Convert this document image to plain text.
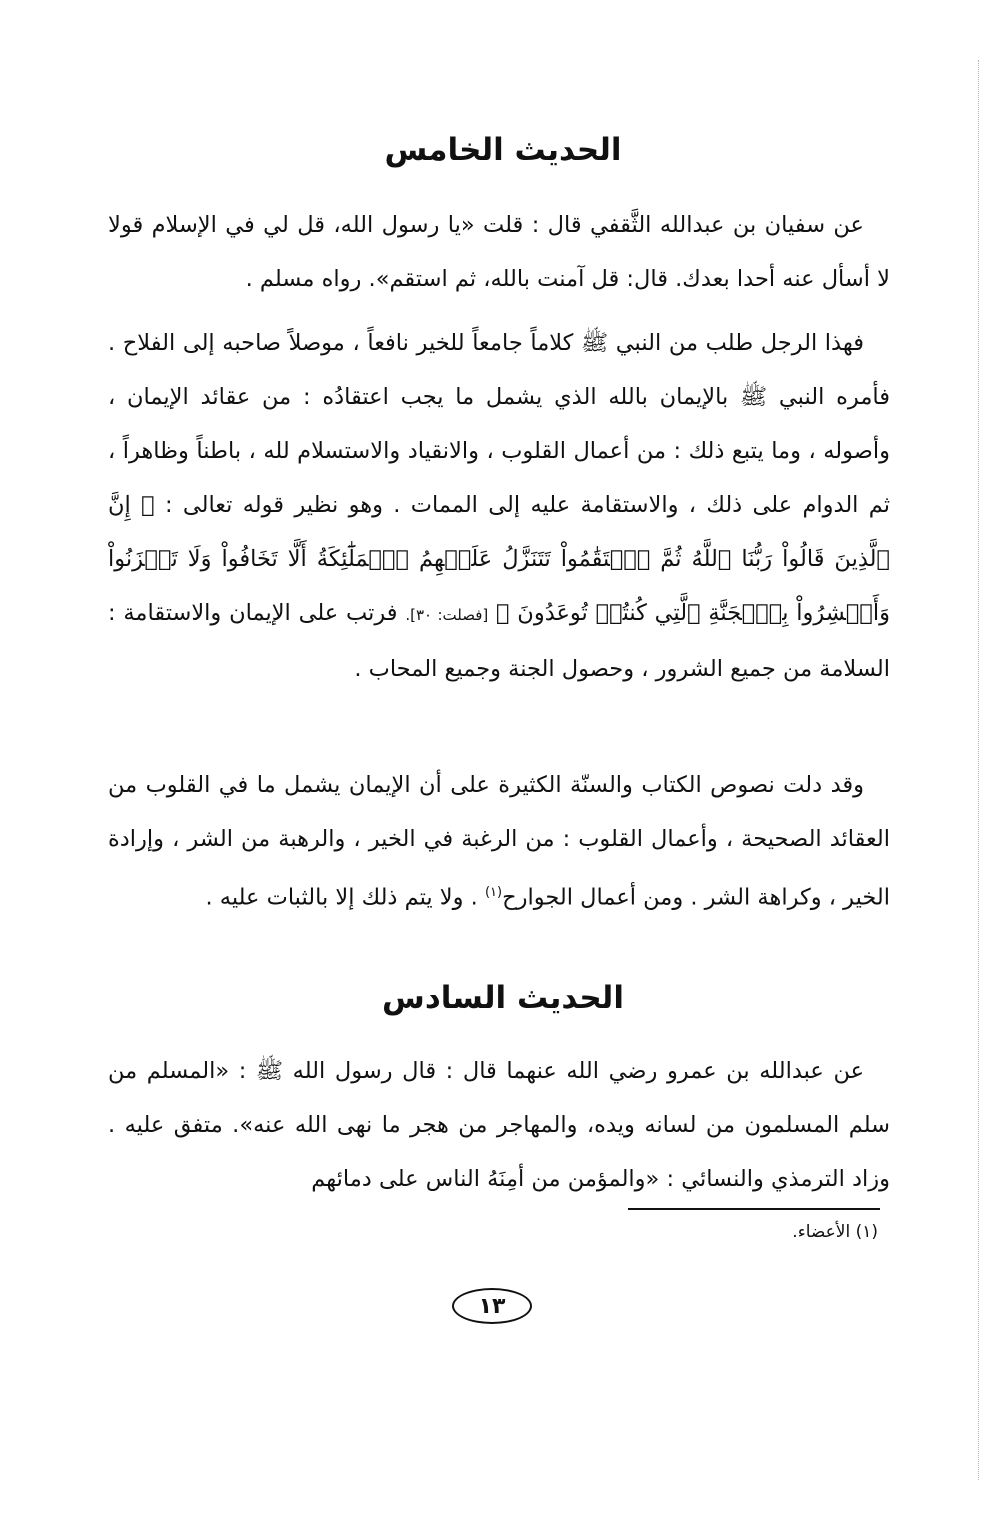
الحديث الخامس

عن سفيان بن عبدالله الثَّقفي قال : قلت «يا رسول الله، قل لي في الإسلام قولا لا أسأل عنه أحدا بعدك. قال: قل آمنت بالله، ثم استقم». رواه مسلم .

فهذا الرجل طلب من النبي ﷺ كلاماً جامعاً للخير نافعاً ، موصلاً صاحبه إلى الفلاح . فأمره النبي ﷺ بالإيمان بالله الذي يشمل ما يجب اعتقادُه : من عقائد الإيمان ، وأصوله ، وما يتبع ذلك : من أعمال القلوب ، والانقياد والاستسلام لله ، باطناً وظاهراً ، ثم الدوام على ذلك ، والاستقامة عليه إلى الممات . وهو نظير قوله تعالى : ﴿ إِنَّ ٱلَّذِينَ قَالُواْ رَبُّنَا ٱللَّهُ ثُمَّ ٱسۡتَقَٰمُواْ تَتَنَزَّلُ عَلَيۡهِمُ ٱلۡمَلَٰٓئِكَةُ أَلَّا تَخَافُواْ وَلَا تَحۡزَنُواْ وَأَبۡشِرُواْ بِٱلۡجَنَّةِ ٱلَّتِي كُنتُمۡ تُوعَدُونَ ﴾ [فصلت: ٣٠]. فرتب على الإيمان والاستقامة : السلامة من جميع الشرور ، وحصول الجنة وجميع المحاب .

وقد دلت نصوص الكتاب والسنّة الكثيرة على أن الإيمان يشمل ما في القلوب من العقائد الصحيحة ، وأعمال القلوب : من الرغبة في الخير ، والرهبة من الشر ، وإرادة الخير ، وكراهة الشر . ومن أعمال الجوارح$^{(١)}$ . ولا يتم ذلك إلا بالثبات عليه .

الحديث السادس

عن عبدالله بن عمرو رضي الله عنهما قال : قال رسول الله ﷺ : «المسلم من سلم المسلمون من لسانه ويده، والمهاجر من هجر ما نهى الله عنه». متفق عليه . وزاد الترمذي والنسائي : «والمؤمن من أمِنَهُ الناس على دمائهم

(١) الأعضاء.
١٣
